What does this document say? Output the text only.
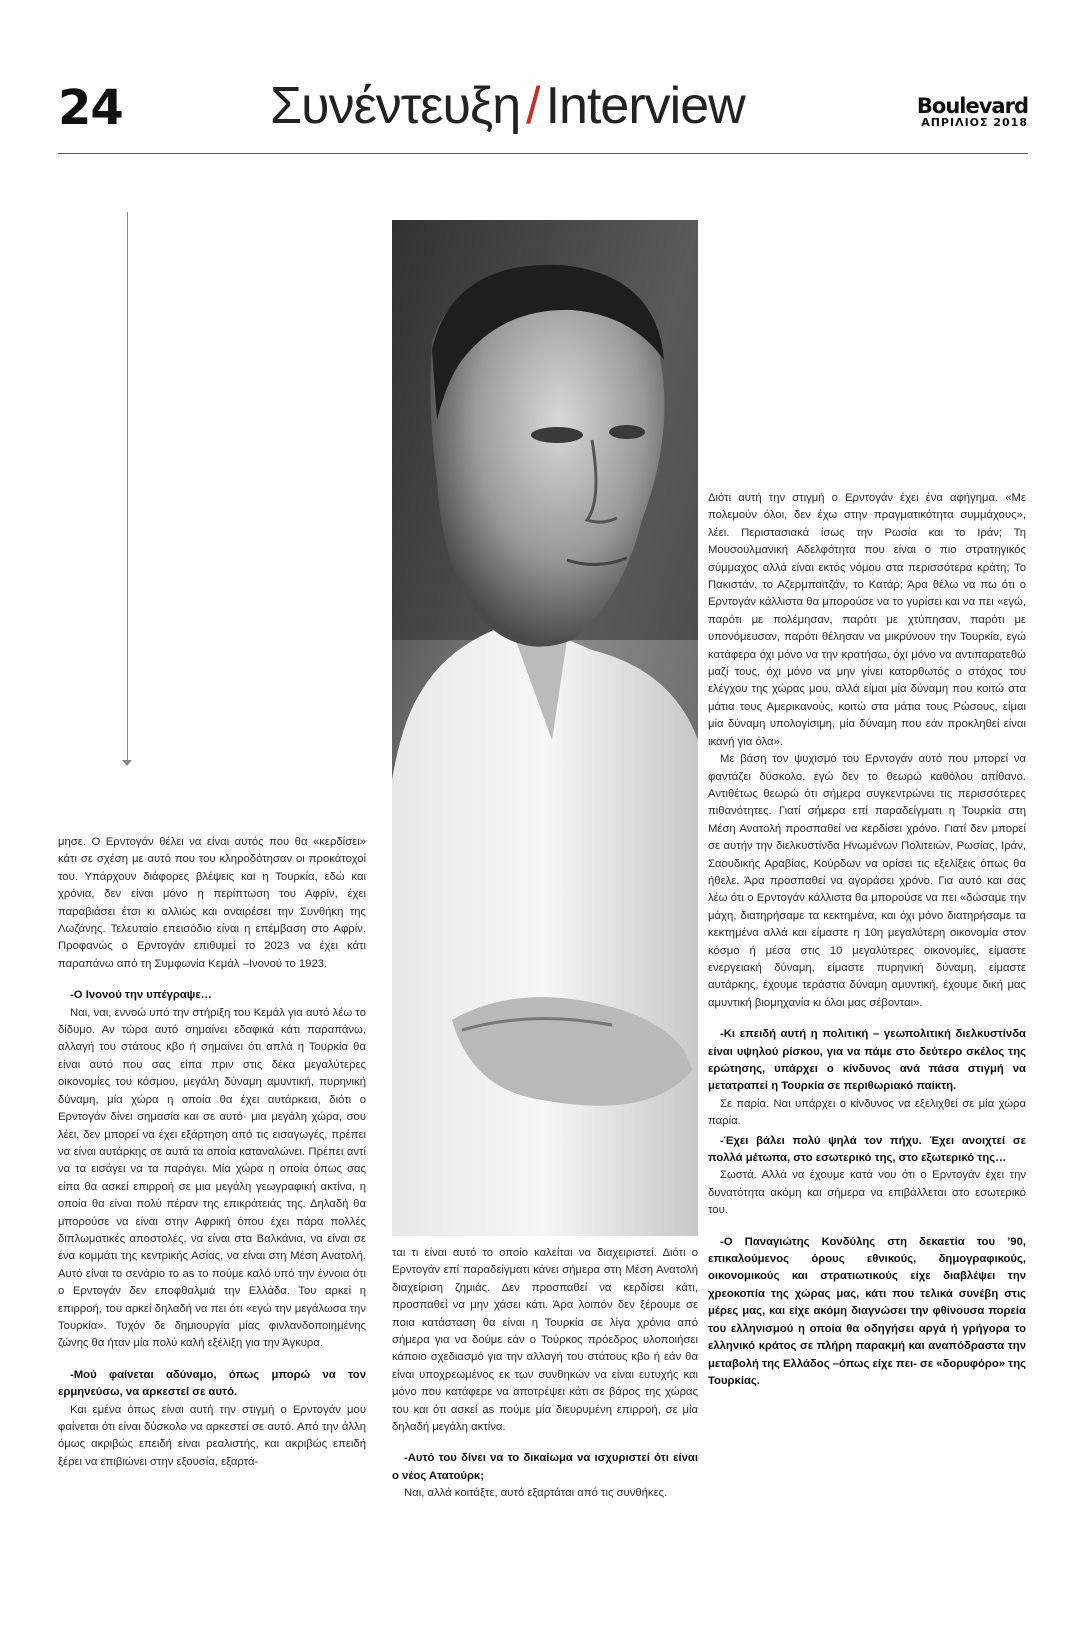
24	Συνέντευξη / Interview	Boulevard
ΑΠΡΙΛΙΟΣ 2018

μησε. Ο Ερντογάν θέλει να είναι αυτός που θα «κερδίσει» κάτι σε σχέση με αυτό που του κληροδότησαν οι προκάτοχοί του. Υπάρχουν διάφορες βλέψεις και η Τουρκία, εδώ και χρόνια, δεν είναι μόνο η περίπτωση του Αφρίν, έχει παραβιάσει έτσι κι αλλιώς και αναιρέσει την Συνθήκη της Λωζάνης. Τελευταίο επεισόδιο είναι η επέμβαση στο Αφρίν. Προφανώς ο Ερντογάν επιθυμεί το 2023 να έχει κάτι παραπάνω από τη Συμφωνία Κεμάλ –Ινονού το 1923.

-Ο Ινονού την υπέγραψε…

Ναι, ναι, εννοώ υπό την στήριξη του Κεμάλ για αυτό λέω το δίδυμο. Αν τώρα αυτό σημαίνει εδαφικά κάτι παραπάνω, αλλαγή του στάτους κβο ή σημαίνει ότι απλά η Τουρκία θα είναι αυτό που σας είπα πριν στις δέκα μεγαλύτερες οικονομίες του κόσμου, μεγάλη δύναμη αμυντική, πυρηνική δύναμη, μία χώρα η οποία θα έχει αυτάρκεια, διότι ο Ερντογάν δίνει σημασία και σε αυτό· μια μεγάλη χώρα, σου λέει, δεν μπορεί να έχει εξάρτηση από τις εισαγωγές, πρέπει να είναι αυτάρκης σε αυτά τα οποία καταναλώνει. Πρέπει αντί να τα εισάγει να τα παράγει. Μία χώρα η οποία όπως σας είπα θα ασκεί επιρροή σε μια μεγάλη γεωγραφική ακτίνα, η οποία θα είναι πολύ πέραν της επικράτειάς της. Δηλαδή θα μπορούσε να είναι στην Αφρική όπου έχει πάρα πολλές διπλωματικές αποστολές, να είναι στα Βαλκάνια, να είναι σε ένα κομμάτι της κεντρικής Ασίας, να είναι στη Μέση Ανατολή. Αυτό είναι το σενάριο το as το πούμε καλό υπό την έννοια ότι ο Ερντογάν δεν εποφθαλμιά την Ελλάδα. Του αρκεί η επιρροή, του αρκεί δηλαδή να πει ότι «εγώ την μεγάλωσα την Τουρκία». Τυχόν δε δημιουργία μίας φινλανδοποιημένης ζώνης θα ήταν μία πολύ καλή εξέλιξη για την Άγκυρα.

-Μού φαίνεται αδύναμο, όπως μπορώ να τον ερμηνεύσω, να αρκεστεί σε αυτό.

Και εμένα όπως είναι αυτή την στιγμή ο Ερντογάν μου φαίνεται ότι είναι δύσκολο να αρκεστεί σε αυτό. Από την άλλη όμως ακριβώς επειδή είναι ρεαλιστής, και ακριβώς επειδή ξέρει να επιβιώνει στην εξουσία, εξαρτά-

ται τι είναι αυτό το οποίο καλείται να διαχειριστεί. Διότι ο Ερντογάν επί παραδείγματι κάνει σήμερα στη Μέση Ανατολή διαχείριση ζημιάς. Δεν προσπαθεί να κερδίσει κάτι, προσπαθεί να μην χάσει κάτι. Άρα λοιπόν δεν ξέρουμε σε ποια κατάσταση θα είναι η Τουρκία σε λίγα χρόνια από σήμερα για να δούμε εάν ο Τούρκος πρόεδρος υλοποιήσει κάποιο σχεδιασμό για την αλλαγή του στάτους κβο ή εάν θα είναι υποχρεωμένος εκ των συνθηκών να είναι ευτυχής και μόνο που κατάφερε να αποτρέψει κάτι σε βάρος της χώρας του και ότι ασκεί as πούμε μία διευρυμένη επιρροή, σε μία δηλαδή μεγάλη ακτίνα.

-Αυτό του δίνει να το δικαίωμα να ισχυριστεί ότι είναι ο νέος Ατατούρκ;

Ναι, αλλά κοιτάξτε, αυτό εξαρτάται από τις συνθήκες.

Διότι αυτή την στιγμή ο Ερντογάν έχει ένα αφήγημα. «Με πολεμούν όλοι, δεν έχω στην πραγματικότητα συμμάχους», λέει. Περιστασιακά ίσως την Ρωσία και το Ιράν; Τη Μουσουλμανική Αδελφότητα που είναι ο πιο στρατηγικός σύμμαχος αλλά είναι εκτός νόμου στα περισσότερα κράτη; Το Πακιστάν, το Αζερμπαϊτζάν, το Κατάρ; Άρα θέλω να πω ότι ο Ερντογάν κάλλιστα θα μπορούσε να το γυρίσει και να πει «εγώ, παρότι με πολέμησαν, παρότι με χτύπησαν, παρότι με υπονόμευσαν, παρότι θέλησαν να μικρύνουν την Τουρκία, εγώ κατάφερα όχι μόνο να την κρατήσω, όχι μόνο να αντιπαρατεθώ μαζί τους, όχι μόνο να μην γίνει κατορθωτός ο στόχος του ελέγχου της χώρας μου, αλλά είμαι μία δύναμη που κοιτώ στα μάτια τους Αμερικανούς, κοιτώ στα μάτια τους Ρώσους, είμαι μία δύναμη υπολογίσιμη, μία δύναμη που εάν προκληθεί είναι ικανή για όλα».

Με βάση τον ψυχισμό του Ερντογάν αυτό που μπορεί να φαντάζει δύσκολο, εγώ δεν το θεωρώ καθόλου απίθανο. Αντιθέτως θεωρώ ότι σήμερα συγκεντρώνει τις περισσότερες πιθανότητες. Γιατί σήμερα επί παραδείγματι η Τουρκία στη Μέση Ανατολή προσπαθεί να κερδίσει χρόνο. Γιατί δεν μπορεί σε αυτήν την διελκυστίνδα Ηνωμένων Πολιτειών, Ρωσίας, Ιράν, Σαουδικής Αραβίας, Κούρδων να ορίσει τις εξελίξεις όπως θα ήθελε. Άρα προσπαθεί να αγοράσει χρόνο. Για αυτό και σας λέω ότι ο Ερντογάν κάλλιστα θα μπορούσε να πει «δώσαμε την μάχη, διατηρήσαμε τα κεκτημένα, και όχι μόνο διατηρήσαμε τα κεκτημένα αλλά και είμαστε η 10η μεγαλύτερη οικονομία στον κόσμο ή μέσα στις 10 μεγαλύτερες οικονομίες, είμαστε ενεργειακή δύναμη, είμαστε πυρηνική δύναμη, είμαστε αυτάρκης, έχουμε τεράστια δύναμη αμυντική, έχουμε δική μας αμυντική βιομηχανία κι όλοι μας σέβονται».

-Κι επειδή αυτή η πολιτική – γεωπολιτική διελκυστίνδα είναι υψηλού ρίσκου, για να πάμε στο δεύτερο σκέλος της ερώτησης, υπάρχει ο κίνδυνος ανά πάσα στιγμή να μετατραπεί η Τουρκία σε περιθωριακό παίκτη.

Σε παρία. Ναι υπάρχει ο κίνδυνος να εξελιχθεί σε μία χώρα παρία.

-Έχει βάλει πολύ ψηλά τον πήχυ. Έχει ανοιχτεί σε πολλά μέτωπα, στο εσωτερικό της, στο εξωτερικό της…

Σωστά. Αλλά να έχουμε κατά νου ότι ο Ερντογάν έχει την δυνατότητα ακόμη και σήμερα να επιβάλλεται στο εσωτερικό του.

-Ο Παναγιώτης Κονδύλης στη δεκαετία του ’90, επικαλούμενος όρους εθνικούς, δημογραφικούς, οικονομικούς και στρατιωτικούς είχε διαβλέψει την χρεοκοπία της χώρας μας, κάτι που τελικά συνέβη στις μέρες μας, και είχε ακόμη διαγνώσει την φθίνουσα πορεία του ελληνισμού η οποία θα οδηγήσει αργά ή γρήγορα το ελληνικό κράτος σε πλήρη παρακμή και αναπόδραστα την μεταβολή της Ελλάδος –όπως είχε πει- σε «δορυφόρο» της Τουρκίας.
